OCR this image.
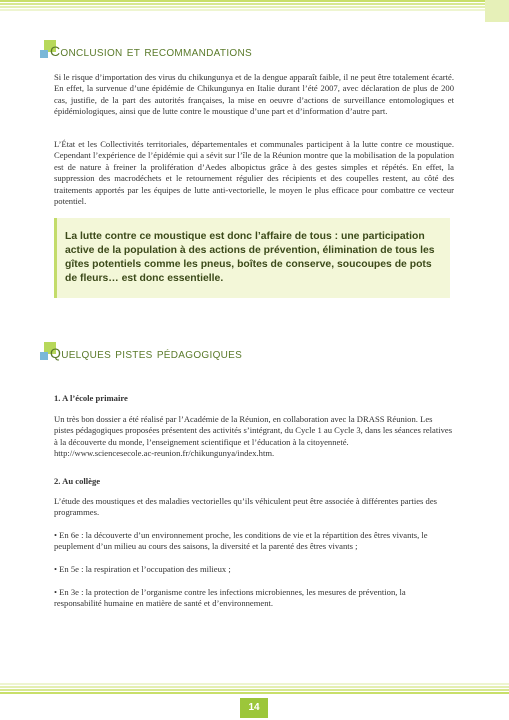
Conclusion et recommandations
Si le risque d’importation des virus du chikungunya et de la dengue apparaît faible, il ne peut être totalement écarté. En effet, la survenue d’une épidémie de Chikungunya en Italie durant l’été 2007, avec déclaration de plus de 200 cas, justifie, de la part des autorités françaises, la mise en oeuvre d’actions de surveillance entomologiques et épidémiologiques, ainsi que de lutte contre le moustique d’une part et d’information d’autre part.
L’État et les Collectivités territoriales, départementales et communales participent à la lutte contre ce moustique. Cependant l’expérience de l’épidémie qui a sévit sur l’île de la Réunion montre que la mobilisation de la population est de nature à freiner la prolifération d’Aedes albopictus grâce à des gestes simples et répétés. En effet, la suppression des macrodéchets et le retournement régulier des récipients et des coupelles restent, au côté des traitements apportés par les équipes de lutte anti-vectorielle, le moyen le plus efficace pour combattre ce vecteur potentiel.
La lutte contre ce moustique est donc l’affaire de tous : une participation active de la population à des actions de prévention, élimination de tous les gîtes potentiels comme les pneus, boîtes de conserve, soucoupes de pots de fleurs… est donc essentielle.
Quelques pistes pédagogiques
1. A l’école primaire
Un très bon dossier a été réalisé par l’Académie de la Réunion, en collaboration avec la DRASS Réunion. Les pistes pédagogiques proposées présentent des activités s’intégrant, du Cycle 1 au Cycle 3, dans les séances relatives à la découverte du monde, l’enseignement scientifique et l’éducation à la citoyenneté.
http://www.sciencesecole.ac-reunion.fr/chikungunya/index.htm.
2. Au collège
L’étude des moustiques et des maladies vectorielles qu’ils véhiculent peut être associée à différentes parties des programmes.
• En 6e : la découverte d’un environnement proche, les conditions de vie et la répartition des êtres vivants, le peuplement d’un milieu au cours des saisons, la diversité et la parenté des êtres vivants ;
• En 5e : la respiration et l’occupation des milieux ;
• En 3e : la protection de l’organisme contre les infections microbiennes, les mesures de prévention, la responsabilité humaine en matière de santé et d’environnement.
14
